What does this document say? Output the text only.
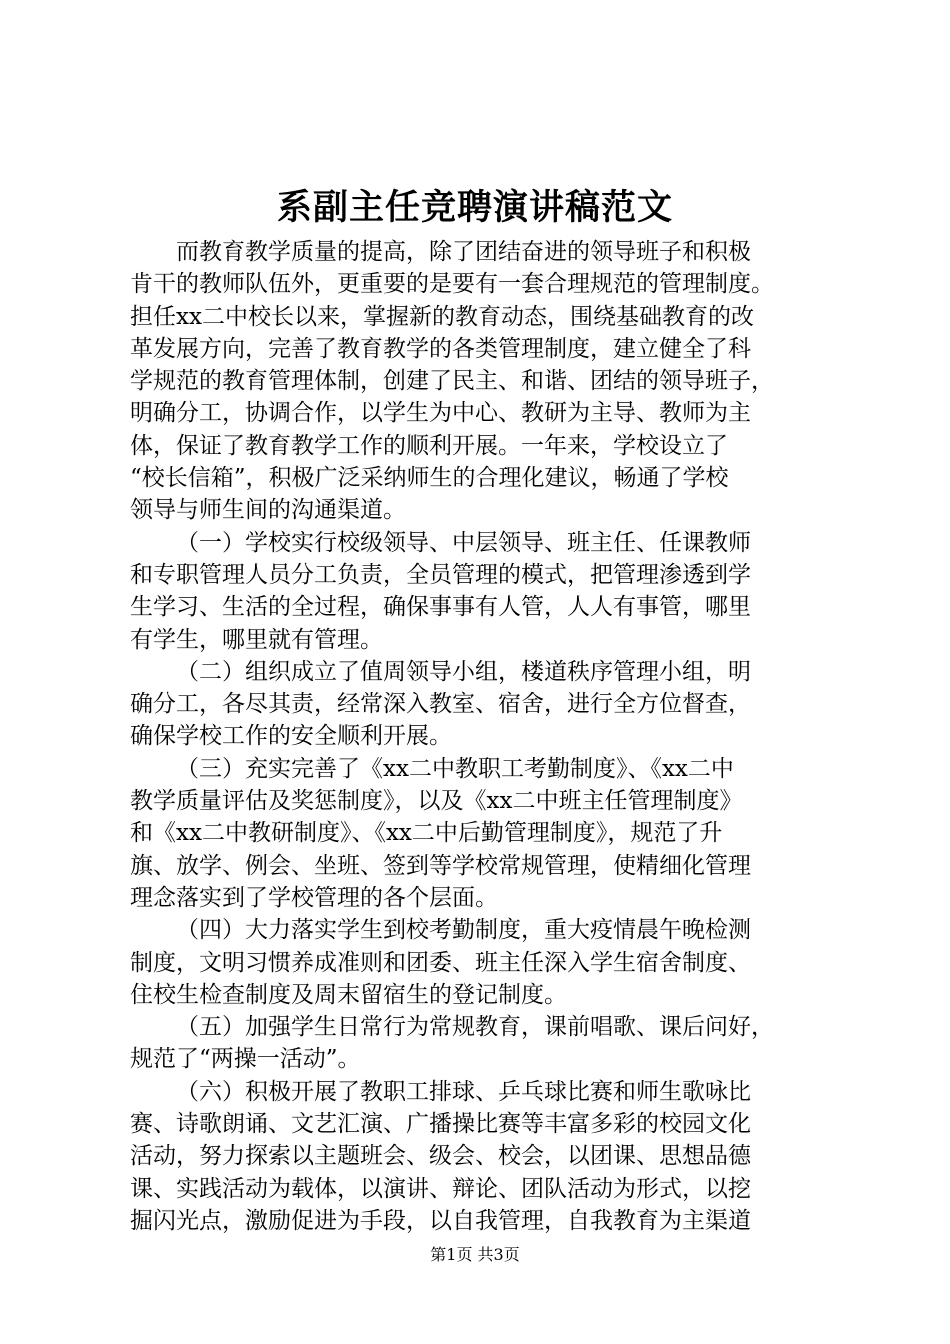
系副主任竞聘演讲稿范文

而教育教学质量的提高，除了团结奋进的领导班子和积极
肯干的教师队伍外，更重要的是要有一套合理规范的管理制度。
担任xx二中校长以来，掌握新的教育动态，围绕基础教育的改
革发展方向，完善了教育教学的各类管理制度，建立健全了科
学规范的教育管理体制，创建了民主、和谐、团结的领导班子，
明确分工，协调合作，以学生为中心、教研为主导、教师为主
体，保证了教育教学工作的顺利开展。一年来，学校设立了
“校长信箱”，积极广泛采纳师生的合理化建议，畅通了学校
领导与师生间的沟通渠道。

（一）学校实行校级领导、中层领导、班主任、任课教师
和专职管理人员分工负责，全员管理的模式，把管理渗透到学
生学习、生活的全过程，确保事事有人管，人人有事管，哪里
有学生，哪里就有管理。

（二）组织成立了值周领导小组，楼道秩序管理小组，明
确分工，各尽其责，经常深入教室、宿舍，进行全方位督查，
确保学校工作的安全顺利开展。

（三）充实完善了《xx二中教职工考勤制度》、《xx二中
教学质量评估及奖惩制度》，以及《xx二中班主任管理制度》
和《xx二中教研制度》、《xx二中后勤管理制度》，规范了升
旗、放学、例会、坐班、签到等学校常规管理，使精细化管理
理念落实到了学校管理的各个层面。

（四）大力落实学生到校考勤制度，重大疫情晨午晚检测
制度，文明习惯养成准则和团委、班主任深入学生宿舍制度、
住校生检查制度及周末留宿生的登记制度。

（五）加强学生日常行为常规教育，课前唱歌、课后问好，
规范了“两操一活动”。

（六）积极开展了教职工排球、乒乓球比赛和师生歌咏比
赛、诗歌朗诵、文艺汇演、广播操比赛等丰富多彩的校园文化
活动，努力探索以主题班会、级会、校会，以团课、思想品德
课、实践活动为载体，以演讲、辩论、团队活动为形式，以挖
掘闪光点，激励促进为手段，以自我管理，自我教育为主渠道

第1页 共3页
